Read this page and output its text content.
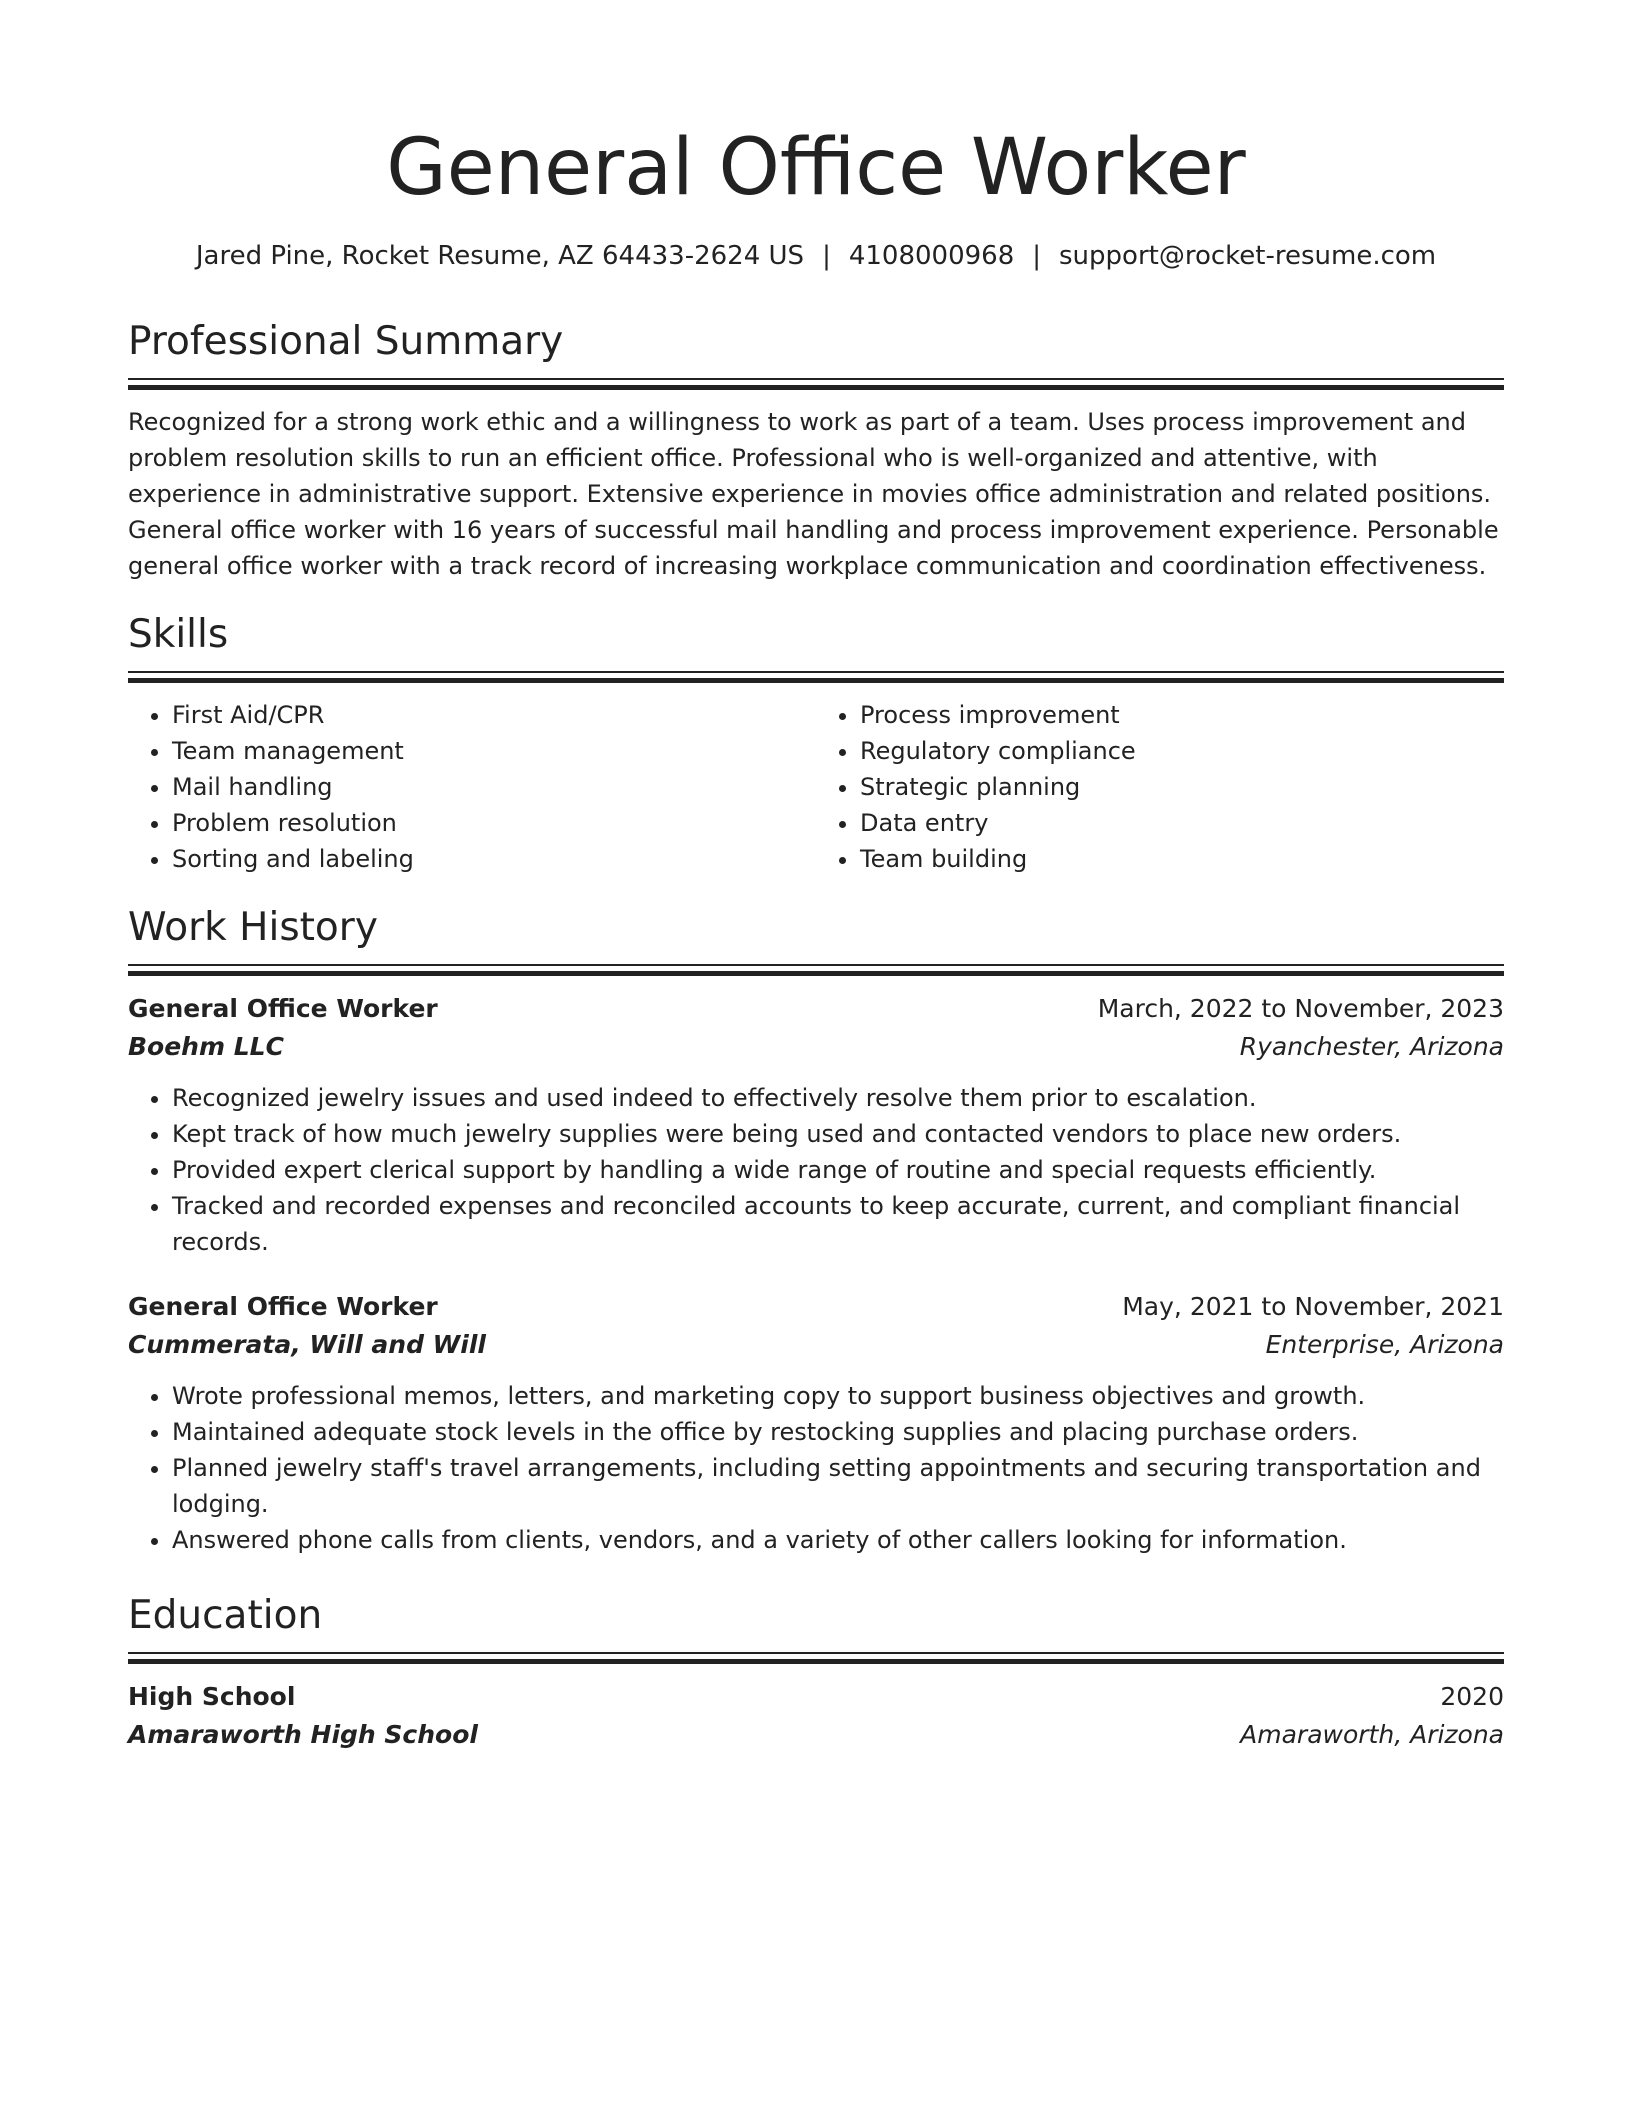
General Office Worker
Jared Pine, Rocket Resume, AZ 64433-2624 US | 4108000968 | support@rocket-resume.com
Professional Summary

Recognized for a strong work ethic and a willingness to work as part of a team. Uses process improvement and problem resolution skills to run an efficient office. Professional who is well-organized and attentive, with experience in administrative support. Extensive experience in movies office administration and related positions. General office worker with 16 years of successful mail handling and process improvement experience. Personable general office worker with a track record of increasing workplace communication and coordination effectiveness.

Skills
• First Aid/CPR
• Team management
• Mail handling
• Problem resolution
• Sorting and labeling
• Process improvement
• Regulatory compliance
• Strategic planning
• Data entry
• Team building
Work History
General Office Worker	March, 2022 to November, 2023
Boehm LLC	Ryanchester, Arizona
• Recognized jewelry issues and used indeed to effectively resolve them prior to escalation.
• Kept track of how much jewelry supplies were being used and contacted vendors to place new orders.
• Provided expert clerical support by handling a wide range of routine and special requests efficiently.
• Tracked and recorded expenses and reconciled accounts to keep accurate, current, and compliant financial records.
General Office Worker	May, 2021 to November, 2021
Cummerata, Will and Will	Enterprise, Arizona
• Wrote professional memos, letters, and marketing copy to support business objectives and growth.
• Maintained adequate stock levels in the office by restocking supplies and placing purchase orders.
• Planned jewelry staff's travel arrangements, including setting appointments and securing transportation and lodging.
• Answered phone calls from clients, vendors, and a variety of other callers looking for information.
Education
High School	2020
Amaraworth High School	Amaraworth, Arizona
